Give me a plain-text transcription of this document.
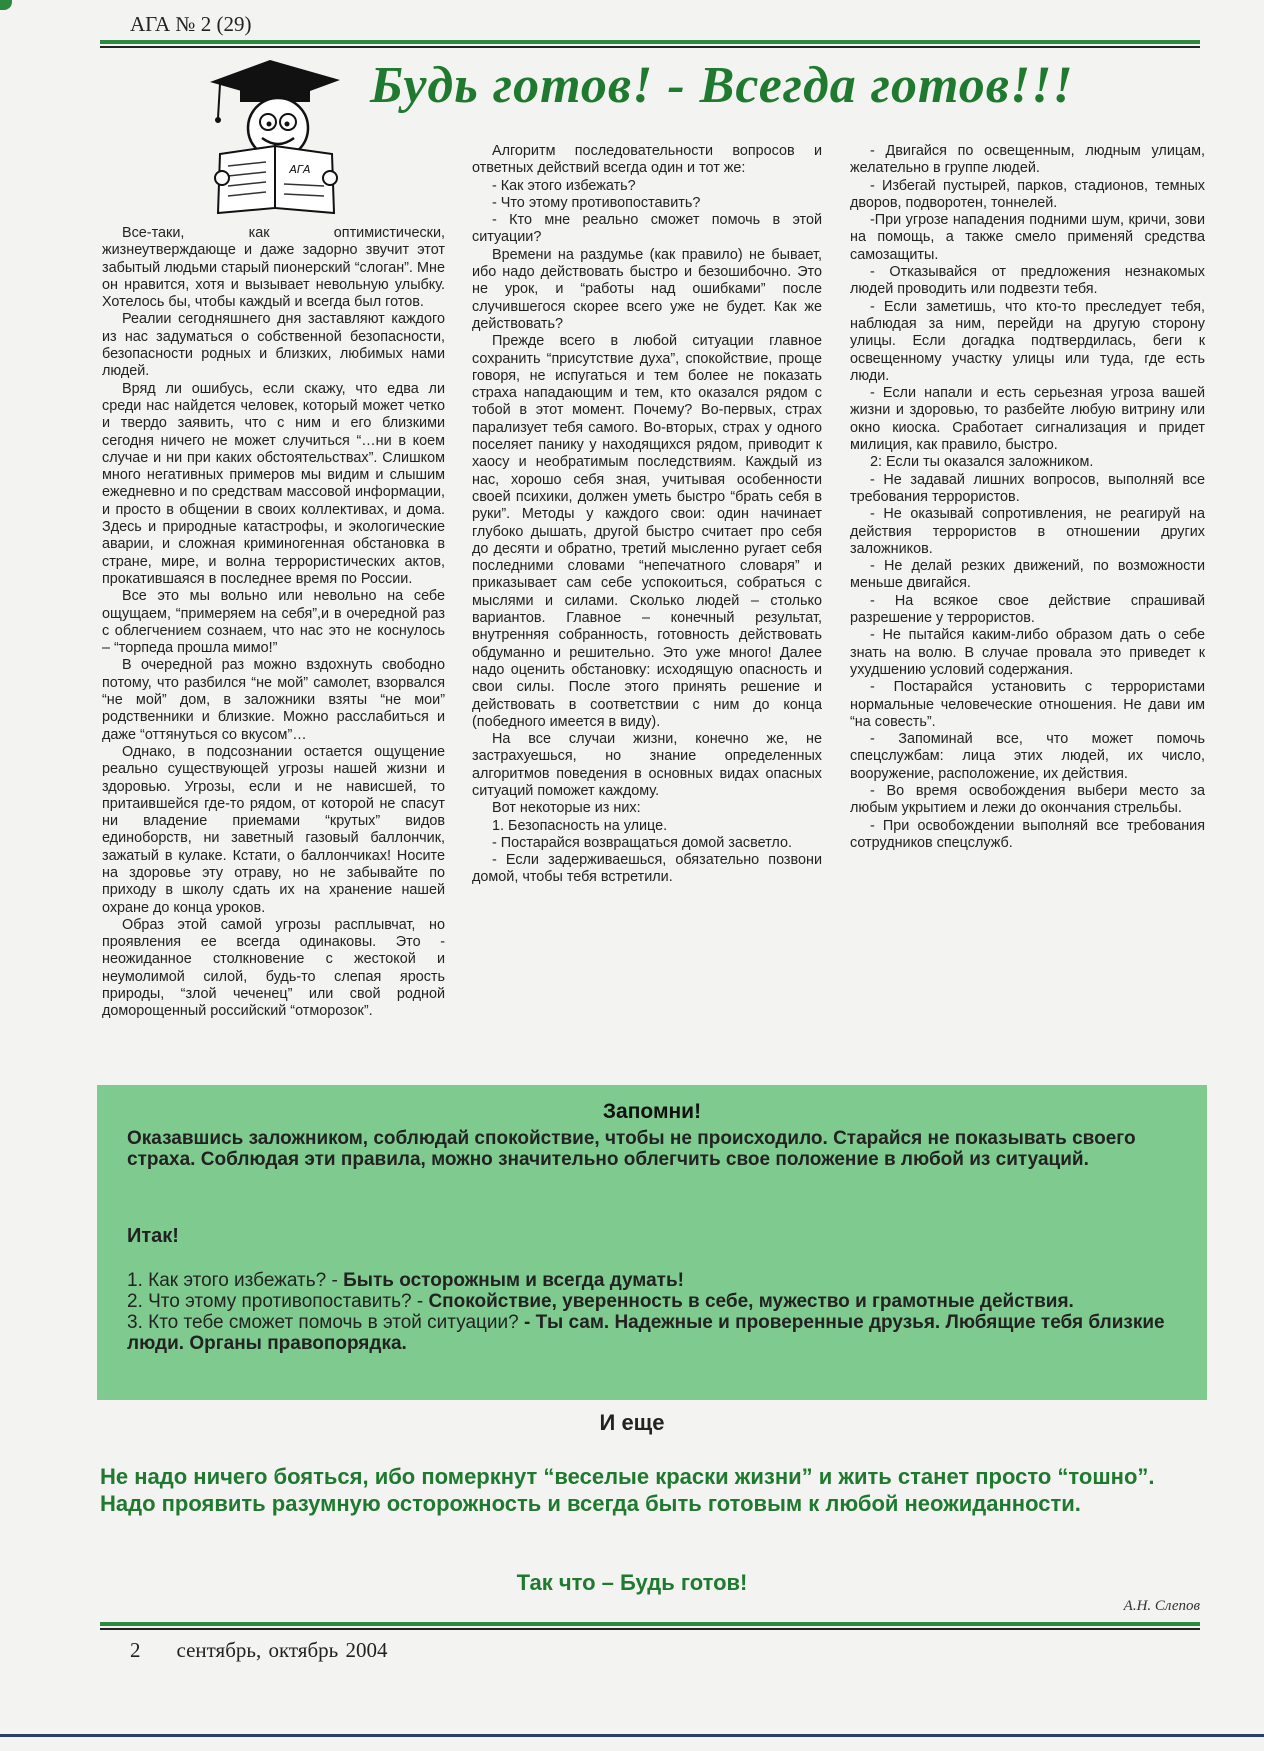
АГА № 2 (29)
АГА
Будь готов! - Всегда готов!!!

Все-таки, как оптимистически, жизнеутверждающе и даже задорно звучит этот забытый людьми старый пионерский “слоган”. Мне он нравится, хотя и вызывает невольную улыбку. Хотелось бы, чтобы каждый и всегда был готов.

Реалии сегодняшнего дня заставляют каждого из нас задуматься о собственной безопасности, безопасности родных и близких, любимых нами людей.

Вряд ли ошибусь, если скажу, что едва ли среди нас найдется человек, который может четко и твердо заявить, что с ним и его близкими сегодня ничего не может случиться “…ни в коем случае и ни при каких обстоятельствах”. Слишком много негативных примеров мы видим и слышим ежедневно и по средствам массовой информации, и просто в общении в своих коллективах, и дома. Здесь и природные катастрофы, и экологические аварии, и сложная криминогенная обстановка в стране, мире, и волна террористических актов, прокатившаяся в последнее время по России.

Все это мы вольно или невольно на себе ощущаем, “примеряем на себя”,и в очередной раз с облегчением сознаем, что нас это не коснулось – “торпеда прошла мимо!”

В очередной раз можно вздохнуть свободно потому, что разбился “не мой” самолет, взорвался “не мой” дом, в заложники взяты “не мои” родственники и близкие. Можно расслабиться и даже “оттянуться со вкусом”…

Однако, в подсознании остается ощущение реально существующей угрозы нашей жизни и здоровью. Угрозы, если и не нависшей, то притаившейся где-то рядом, от которой не спасут ни владение приемами “крутых” видов единоборств, ни заветный газовый баллончик, зажатый в кулаке. Кстати, о баллончиках! Носите на здоровье эту отраву, но не забывайте по приходу в школу сдать их на хранение нашей охране до конца уроков.

Образ этой самой угрозы расплывчат, но проявления ее всегда одинаковы. Это - неожиданное столкновение с жестокой и неумолимой силой, будь-то слепая ярость природы, “злой чеченец” или свой родной доморощенный российский “отморозок”.

Алгоритм последовательности вопросов и ответных действий всегда один и тот же:

- Как этого избежать?

- Что этому противопоставить?

- Кто мне реально сможет помочь в этой ситуации?

Времени на раздумье (как правило) не бывает, ибо надо действовать быстро и безошибочно. Это не урок, и “работы над ошибками” после случившегося скорее всего уже не будет. Как же действовать?

Прежде всего в любой ситуации главное сохранить “присутствие духа”, спокойствие, проще говоря, не испугаться и тем более не показать страха нападающим и тем, кто оказался рядом с тобой в этот момент. Почему? Во-первых, страх парализует тебя самого. Во-вторых, страх у одного поселяет панику у находящихся рядом, приводит к хаосу и необратимым последствиям. Каждый из нас, хорошо себя зная, учитывая особенности своей психики, должен уметь быстро “брать себя в руки”. Методы у каждого свои: один начинает глубоко дышать, другой быстро считает про себя до десяти и обратно, третий мысленно ругает себя последними словами “непечатного словаря” и приказывает сам себе успокоиться, собраться с мыслями и силами. Сколько людей – столько вариантов. Главное – конечный результат, внутренняя собранность, готовность действовать обдуманно и решительно. Это уже много! Далее надо оценить обстановку: исходящую опасность и свои силы. После этого принять решение и действовать в соответствии с ним до конца (победного имеется в виду).

На все случаи жизни, конечно же, не застрахуешься, но знание определенных алгоритмов поведения в основных видах опасных ситуаций поможет каждому.

Вот некоторые из них:

1. Безопасность на улице.

- Постарайся возвращаться домой засветло.

- Если задерживаешься, обязательно позвони домой, чтобы тебя встретили.

- Двигайся по освещенным, людным улицам, желательно в группе людей.

- Избегай пустырей, парков, стадионов, темных дворов, подворотен, тоннелей.

-При угрозе нападения подними шум, кричи, зови на помощь, а также смело применяй средства самозащиты.

- Отказывайся от предложения незнакомых людей проводить или подвезти тебя.

- Если заметишь, что кто-то преследует тебя, наблюдая за ним, перейди на другую сторону улицы. Если догадка подтвердилась, беги к освещенному участку улицы или туда, где есть люди.

- Если напали и есть серьезная угроза вашей жизни и здоровью, то разбейте любую витрину или окно киоска. Сработает сигнализация и придет милиция, как правило, быстро.

2: Если ты оказался заложником.

- Не задавай лишних вопросов, выполняй все требования террористов.

- Не оказывай сопротивления, не реагируй на действия террористов в отношении других заложников.

- Не делай резких движений, по возможности меньше двигайся.

- На всякое свое действие спрашивай разрешение у террористов.

- Не пытайся каким-либо образом дать о себе знать на волю. В случае провала это приведет к ухудшению условий содержания.

- Постарайся установить с террористами нормальные человеческие отношения. Не дави им “на совесть”.

- Запоминай все, что может помочь спецслужбам: лица этих людей, их число, вооружение, расположение, их действия.

- Во время освобождения выбери место за любым укрытием и лежи до окончания стрельбы.

- При освобождении выполняй все требования сотрудников спецслужб.

Запомни!
Оказавшись заложником, соблюдай спокойствие, чтобы не происходило. Старайся не показывать своего страха. Соблюдая эти правила, можно значительно облегчить свое положение в любой из ситуаций.
Итак!
1. Как этого избежать? - Быть осторожным и всегда думать!
2. Что этому противопоставить? - Спокойствие, уверенность в себе, мужество и грамотные действия.
3. Кто тебе сможет помочь в этой ситуации? - Ты сам. Надежные и проверенные друзья. Любящие тебя близкие люди. Органы правопорядка.
И еще
Не надо ничего бояться, ибо померкнут “веселые краски жизни” и жить станет просто “тошно”. Надо проявить разумную осторожность и всегда быть готовым к любой неожиданности.
Так что – Будь готов!
А.Н. Слепов
2 сентябрь, октябрь 2004
